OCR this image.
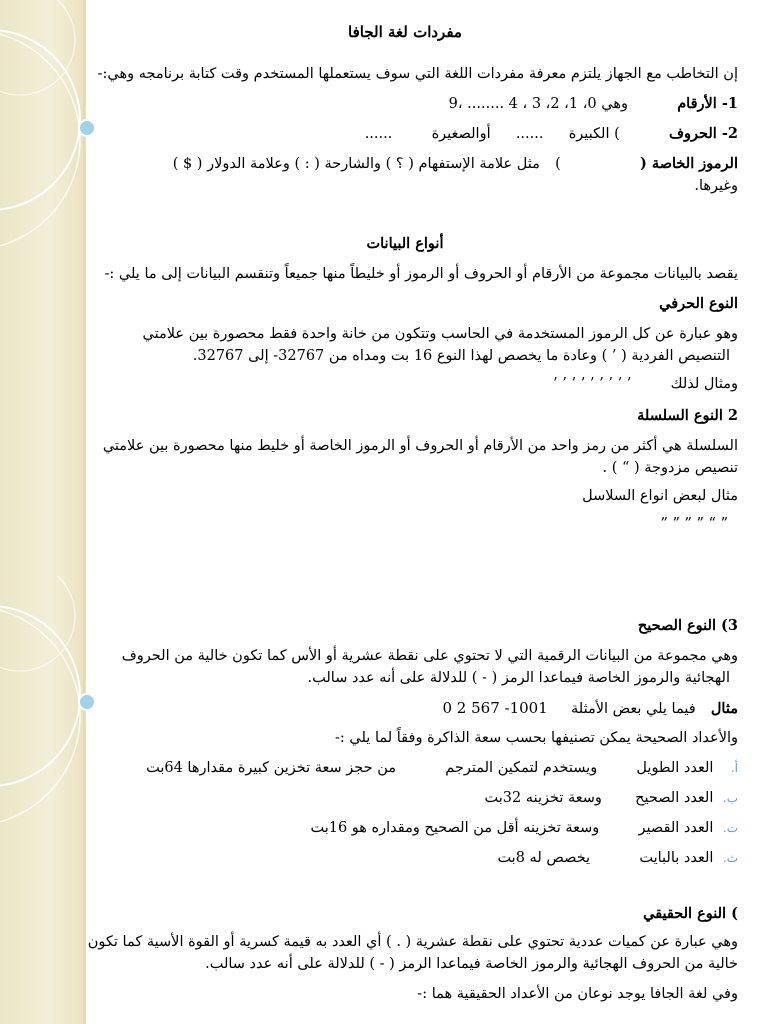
مفردات لغة الجافا
إن التخاطب مع الجهاز يلتزم معرفة مفردات اللغة التي سوف يستعملها المستخدم وقت كتابة برنامجه وهي:-
1- الأرقام  وهي 0، 1، 2، 3 ، 4 ........ ،9
2- الحروف  ) الكبيرة  ......  أوالصغيرة  ......
الرموز الخاصة (  )  مثل علامة الإستفهام ( ؟ ) والشارحة ( : ) وعلامة الدولار ( $ )
وغيرها.
أنواع البيانات
يقصد بالبيانات مجموعة من الأرقام أو الحروف أو الرموز أو خليطاً منها جميعاً وتنقسم البيانات إلى ما يلي :-
النوع الحرفي
وهو عبارة عن كل الرموز المستخدمة في الحاسب وتتكون من خانة واحدة فقط محصورة بين علامتي
التنصيص الفردية ( ’ ) وعادة ما يخصص لهذا النوع 16 بت ومداه من 32767- إلى 32767.
ومثال لذلك  ’ ’ ’ ’ ’ ’ ’ ’ ’
2 النوع السلسلة
السلسلة هي أكثر من رمز واحد من الأرقام أو الحروف أو الرموز الخاصة أو خليط منها محصورة بين علامتي
تنصيص مزدوجة ( “ ) .
مثال لبعض انواع السلاسل
” “ ” ” ” ”
3) النوع الصحيح
وهي مجموعة من البيانات الرقمية التي لا تحتوي على نقطة عشرية أو الأس كما تكون خالية من الحروف
الهجائية والرموز الخاصة فيماعدا الرمز ( - ) للدلالة على أنه عدد سالب.
مثال  فيما يلي بعض الأمثلة  1001- 567 2 0
والأعداد الصحيحة يمكن تصنيفها بحسب سعة الذاكرة وفقاً لما يلي :-
أ. العدد الطويل  ويستخدم لتمكين المترجم  من حجز سعة تخزين كبيرة مقدارها 64بت
ب. العدد الصحيح  وسعة تخزينه 32بت
ت. العدد القصير  وسعة تخزينه أقل من الصحيح ومقداره هو 16بت
ث. العدد بالبايت  يخصص له 8بت
) النوع الحقيقي
وهي عبارة عن كميات عددية تحتوي على نقطة عشرية ( . ) أي العدد به قيمة كسرية أو القوة الأسية كما تكون
خالية من الحروف الهجائية والرموز الخاصة فيماعدا الرمز ( - ) للدلالة على أنه عدد سالب.
وفي لغة الجافا يوجد نوعان من الأعداد الحقيقية هما :-
